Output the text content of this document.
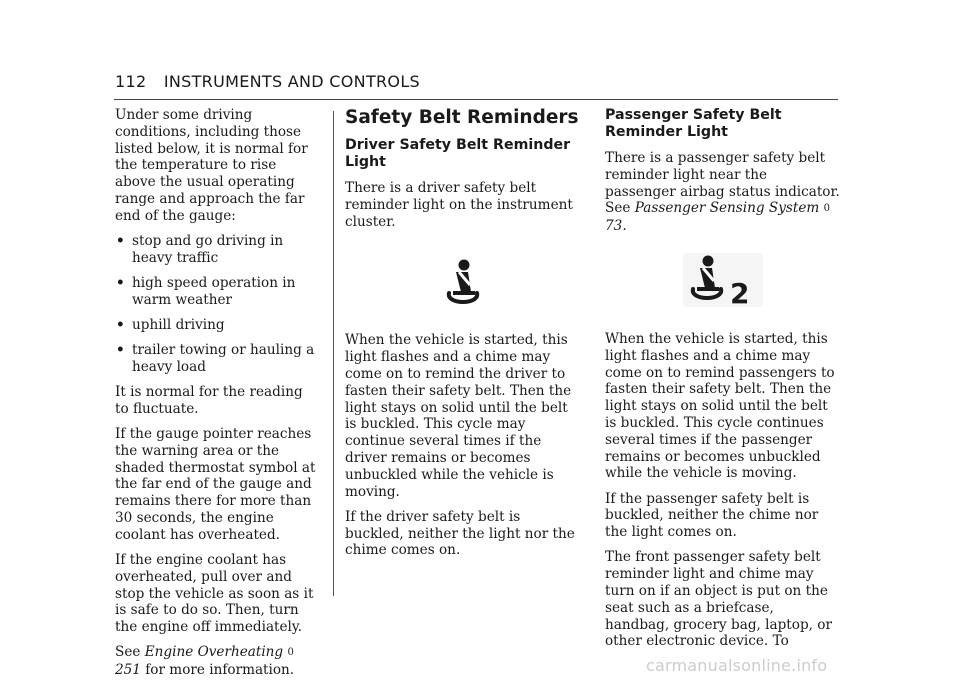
112 INSTRUMENTS AND CONTROLS

Under some driving conditions, including those listed below, it is normal for the temperature to rise above the usual operating range and approach the far end of the gauge:

• stop and go driving in heavy traffic
• high speed operation in warm weather
• uphill driving
• trailer towing or hauling a heavy load

It is normal for the reading to fluctuate.

If the gauge pointer reaches the warning area or the shaded thermostat symbol at the far end of the gauge and remains there for more than 30 seconds, the engine coolant has overheated.

If the engine coolant has overheated, pull over and stop the vehicle as soon as it is safe to do so. Then, turn the engine off immediately.

See Engine Overheating 0 251 for more information.

Safety Belt Reminders
Driver Safety Belt Reminder Light

There is a driver safety belt reminder light on the instrument cluster.

When the vehicle is started, this light flashes and a chime may come on to remind the driver to fasten their safety belt. Then the light stays on solid until the belt is buckled. This cycle may continue several times if the driver remains or becomes unbuckled while the vehicle is moving.

If the driver safety belt is buckled, neither the light nor the chime comes on.

Passenger Safety Belt Reminder Light

There is a passenger safety belt reminder light near the passenger airbag status indicator. See Passenger Sensing System 0 73.

2

When the vehicle is started, this light flashes and a chime may come on to remind passengers to fasten their safety belt. Then the light stays on solid until the belt is buckled. This cycle continues several times if the passenger remains or becomes unbuckled while the vehicle is moving.

If the passenger safety belt is buckled, neither the chime nor the light comes on.

The front passenger safety belt reminder light and chime may turn on if an object is put on the seat such as a briefcase, handbag, grocery bag, laptop, or other electronic device. To

carmanualsonline.info
